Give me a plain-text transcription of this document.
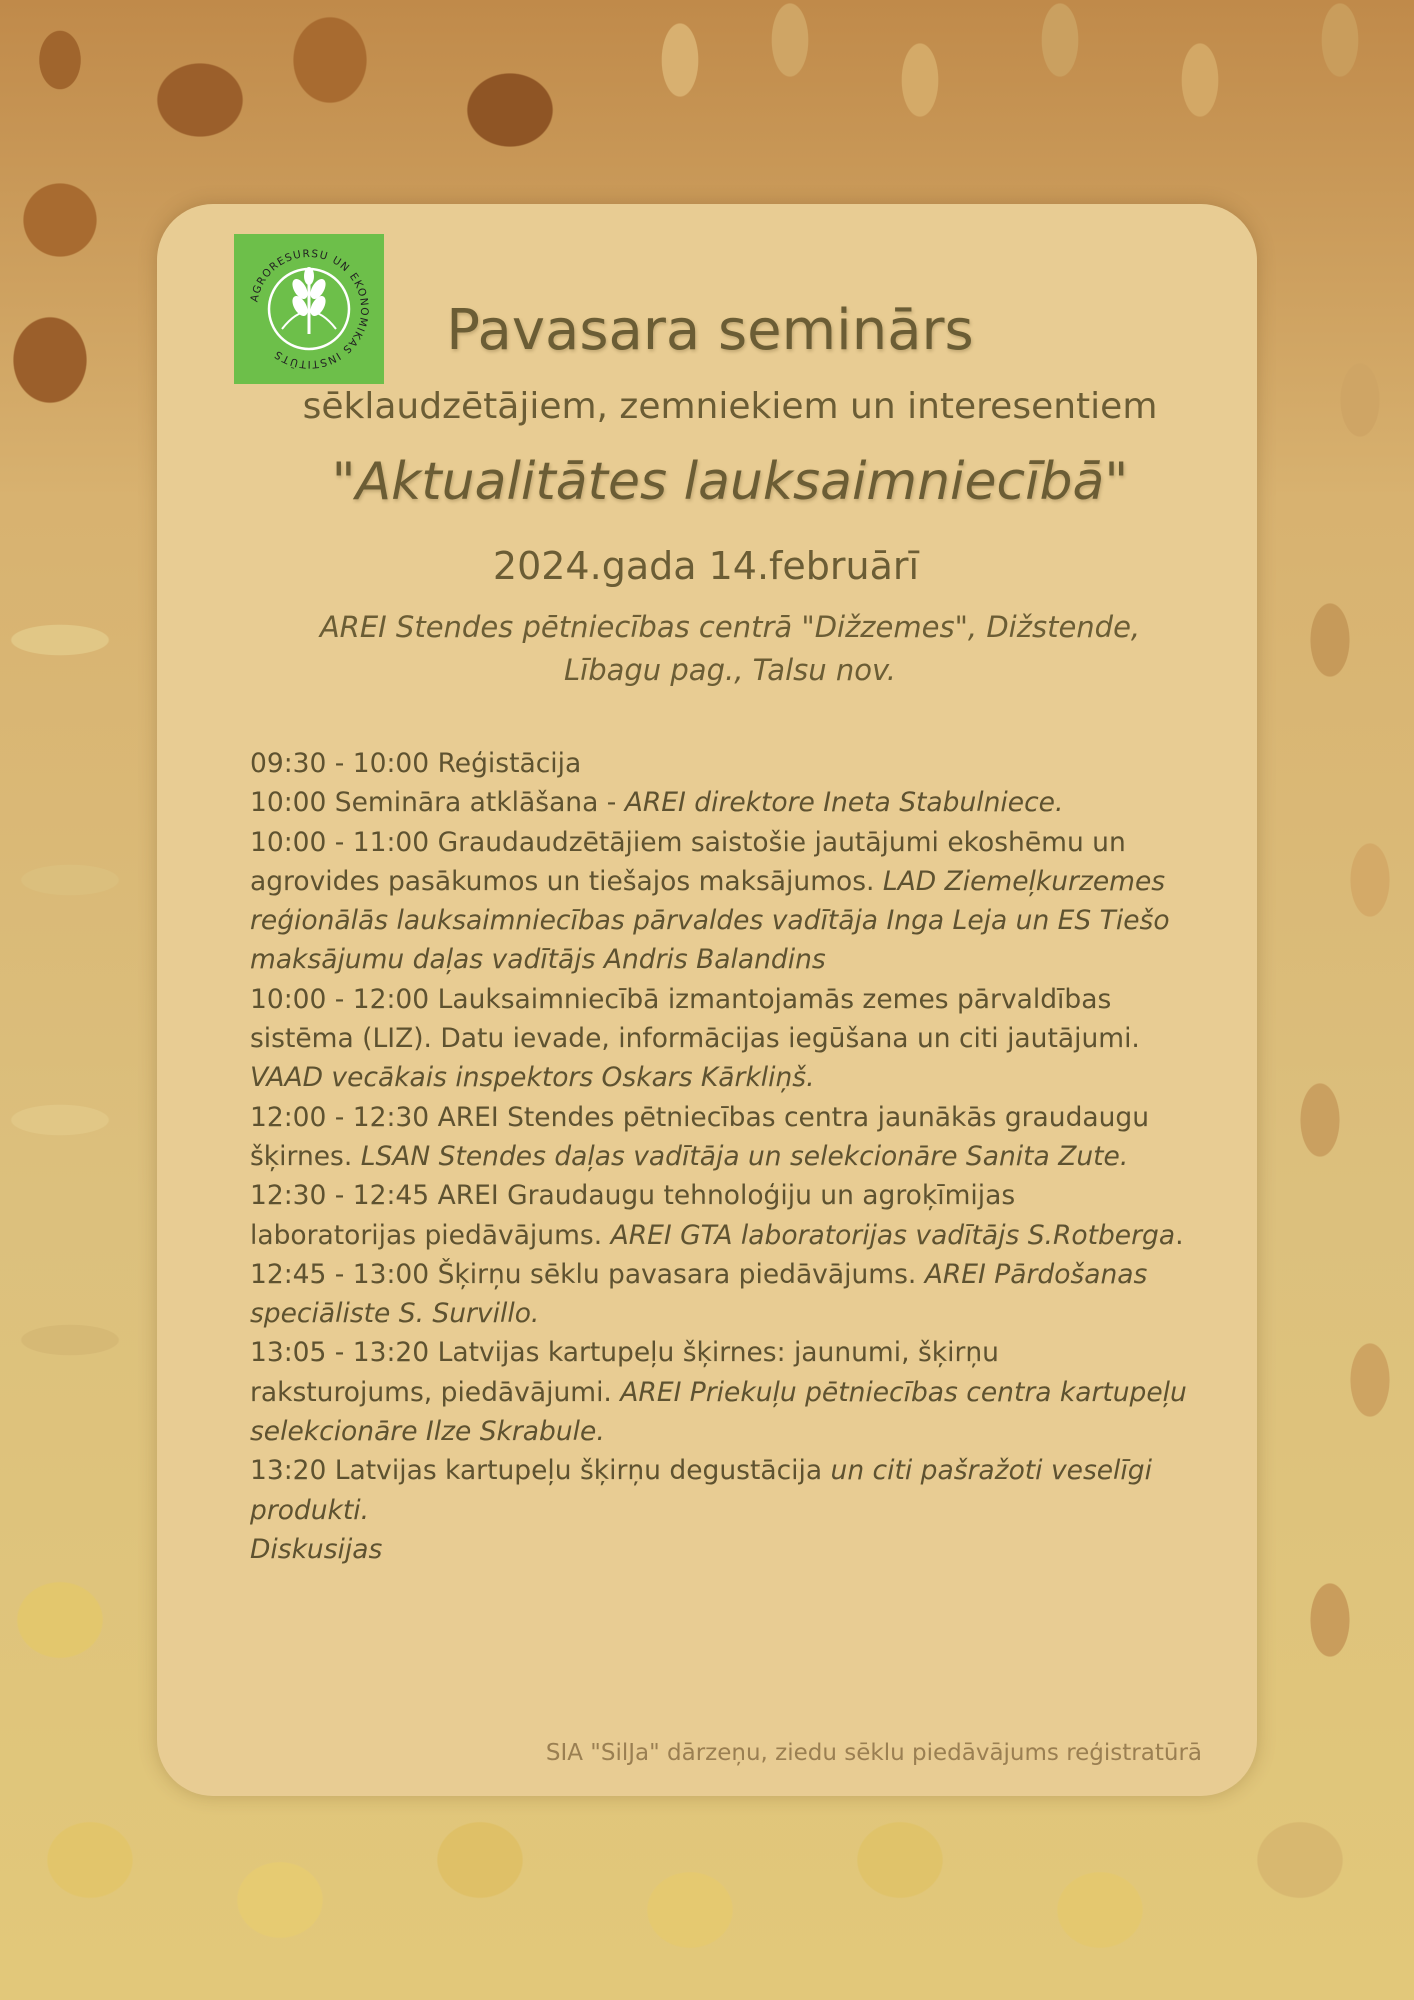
AGRORESURSU UN EKONOMIKAS INSTITŪTS	Pavasara seminārs
sēklaudzētājiem, zemniekiem un interesentiem
"Aktualitātes lauksaimniecībā"
2024.gada 14.februārī
AREI Stendes pētniecības centrā "Dižzemes", Dižstende,
Lībagu pag., Talsu nov.
09:30 - 10:00 Reģistācija
10:00 Semināra atklāšana - AREI direktore Ineta Stabulniece.
10:00 - 11:00 Graudaudzētājiem saistošie jautājumi ekoshēmu un
agrovides pasākumos un tiešajos maksājumos. LAD Ziemeļkurzemes
reģionālās lauksaimniecības pārvaldes vadītāja Inga Leja un ES Tiešo
maksājumu daļas vadītājs Andris Balandins
10:00 - 12:00 Lauksaimniecībā izmantojamās zemes pārvaldības
sistēma (LIZ). Datu ievade, informācijas iegūšana un citi jautājumi.
VAAD vecākais inspektors Oskars Kārkliņš.
12:00 - 12:30 AREI Stendes pētniecības centra jaunākās graudaugu
šķirnes. LSAN Stendes daļas vadītāja un selekcionāre Sanita Zute.
12:30 - 12:45 AREI Graudaugu tehnoloģiju un agroķīmijas
laboratorijas piedāvājums. AREI GTA laboratorijas vadītājs S.Rotberga.
12:45 - 13:00 Šķirņu sēklu pavasara piedāvājums. AREI Pārdošanas
speciāliste S. Survillo.
13:05 - 13:20 Latvijas kartupeļu šķirnes: jaunumi, šķirņu
raksturojums, piedāvājumi. AREI Priekuļu pētniecības centra kartupeļu
selekcionāre Ilze Skrabule.
13:20 Latvijas kartupeļu šķirņu degustācija un citi pašražoti veselīgi
produkti.
Diskusijas
SIA "SilJa" dārzeņu, ziedu sēklu piedāvājums reģistratūrā
